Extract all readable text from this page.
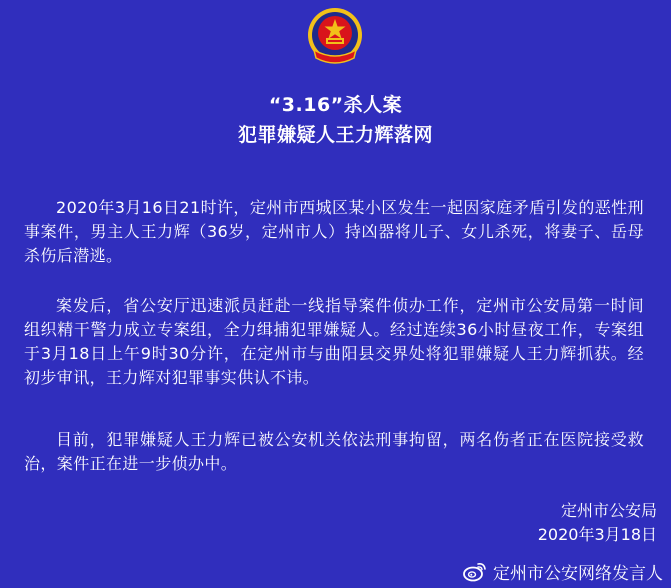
“3.16”杀人案
犯罪嫌疑人王力辉落网

2020年3月16日21时许，定州市西城区某小区发生一起因家庭矛盾引发的恶性刑事案件，男主人王力辉（36岁，定州市人）持凶器将儿子、女儿杀死，将妻子、岳母杀伤后潜逃。

案发后，省公安厅迅速派员赶赴一线指导案件侦办工作，定州市公安局第一时间组织精干警力成立专案组，全力缉捕犯罪嫌疑人。经过连续36小时昼夜工作，专案组于3月18日上午9时30分许，在定州市与曲阳县交界处将犯罪嫌疑人王力辉抓获。经初步审讯，王力辉对犯罪事实供认不讳。

目前，犯罪嫌疑人王力辉已被公安机关依法刑事拘留，两名伤者正在医院接受救治，案件正在进一步侦办中。

定州市公安局
2020年3月18日
定州市公安网络发言人
